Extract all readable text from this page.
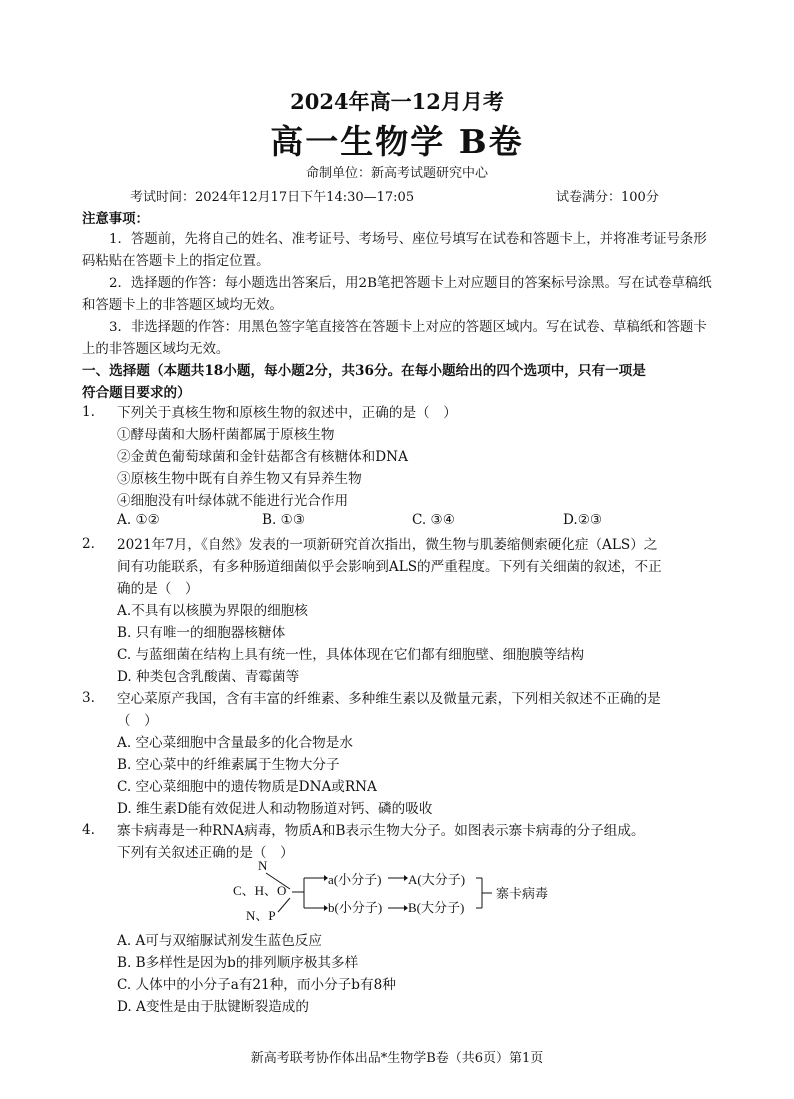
2024年高一12月月考
高一生物学 B卷
命制单位：新高考试题研究中心
考试时间：2024年12月17日下午14:30—17:05	试卷满分：100分
注意事项：
1．答题前，先将自己的姓名、准考证号、考场号、座位号填写在试卷和答题卡上，并将准考证号条形码粘贴在答题卡上的指定位置。
2．选择题的作答：每小题选出答案后，用2B笔把答题卡上对应题目的答案标号涂黑。写在试卷草稿纸和答题卡上的非答题区域均无效。
3．非选择题的作答：用黑色签字笔直接答在答题卡上对应的答题区域内。写在试卷、草稿纸和答题卡上的非答题区域均无效。
一、选择题（本题共18小题，每小题2分，共36分。在每小题给出的四个选项中，只有一项是
符合题目要求的）
1. 下列关于真核生物和原核生物的叙述中，正确的是（　）
①酵母菌和大肠杆菌都属于原核生物
②金黄色葡萄球菌和金针菇都含有核糖体和DNA
③原核生物中既有自养生物又有异养生物
④细胞没有叶绿体就不能进行光合作用
A. ①②	B. ①③	C. ③④	D.②③
2. 2021年7月，《自然》发表的一项新研究首次指出，微生物与肌萎缩侧索硬化症（ALS）之
间有功能联系，有多种肠道细菌似乎会影响到ALS的严重程度。下列有关细菌的叙述，不正
确的是（　）
A.不具有以核膜为界限的细胞核
B. 只有唯一的细胞器核糖体
C. 与蓝细菌在结构上具有统一性，具体体现在它们都有细胞壁、细胞膜等结构
D. 种类包含乳酸菌、青霉菌等
3. 空心菜原产我国，含有丰富的纤维素、多种维生素以及微量元素，下列相关叙述不正确的是
（　）
A. 空心菜细胞中含量最多的化合物是水
B. 空心菜中的纤维素属于生物大分子
C. 空心菜细胞中的遗传物质是DNA或RNA
D. 维生素D能有效促进人和动物肠道对钙、磷的吸收
4. 寨卡病毒是一种RNA病毒，物质A和B表示生物大分子。如图表示寨卡病毒的分子组成。
下列有关叙述正确的是（　）
N
C、H、O
N、P
a(小分子) A(大分子)
b(小分子) B(大分子)
寨卡病毒
A. A可与双缩脲试剂发生蓝色反应
B. B多样性是因为b的排列顺序极其多样
C. 人体中的小分子a有21种，而小分子b有8种
D. A变性是由于肽键断裂造成的
新高考联考协作体出品*生物学B卷（共6页）第1页
